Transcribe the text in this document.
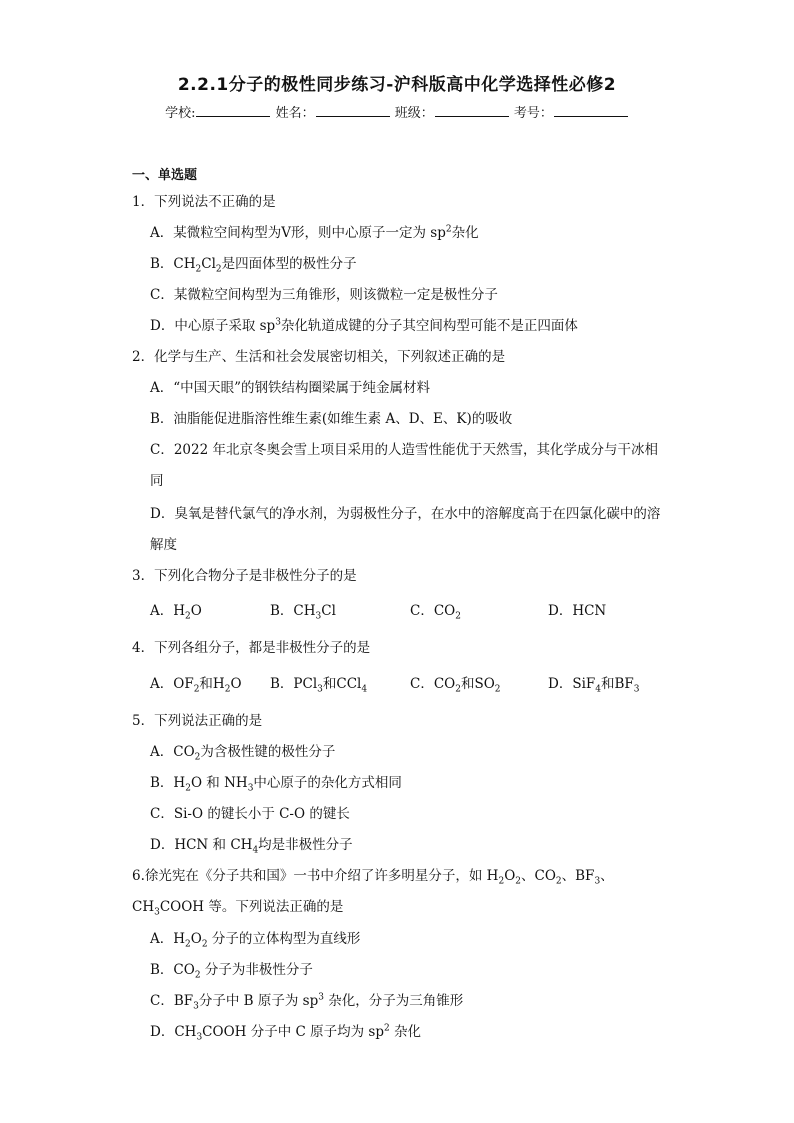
2.2.1分子的极性同步练习-沪科版高中化学选择性必修2
学校:	姓名：	班级：	考号：
一、单选题
1．下列说法不正确的是
A．某微粒空间构型为V形，则中心原子一定为 $sp^2$杂化
B．$CH_2Cl_2$是四面体型的极性分子
C．某微粒空间构型为三角锥形，则该微粒一定是极性分子
D．中心原子采取 $sp^3$杂化轨道成键的分子其空间构型可能不是正四面体
2．化学与生产、生活和社会发展密切相关，下列叙述正确的是
A．“中国天眼”的钢铁结构圈梁属于纯金属材料
B．油脂能促进脂溶性维生素(如维生素 A、D、E、K)的吸收
C．2022 年北京冬奥会雪上项目采用的人造雪性能优于天然雪，其化学成分与干冰相同
D．臭氧是替代氯气的净水剂，为弱极性分子，在水中的溶解度高于在四氯化碳中的溶解度
3．下列化合物分子是非极性分子的是
A．$H_2O$	B．$CH_3Cl$	C．$CO_2$	D．HCN
4．下列各组分子，都是非极性分子的是
A．$OF_2$和$H_2O$ B．PCl$_3$和CCl$_4$	C．$CO_2$和$SO_2$	D．SiF$_4$和$BF_3$
5．下列说法正确的是
A．$CO_2$为含极性键的极性分子
B．$H_2O$ 和 $NH_3$中心原子的杂化方式相同
C．Si-O 的键长小于 C-O 的键长
D．HCN 和 $CH_4$均是非极性分子
6.徐光宪在《分子共和国》一书中介绍了许多明星分子，如 $H_2O_2$、$CO_2$、$BF_3$、$CH_3COOH$ 等。下列说法正确的是
A．$H_2O_2$ 分子的立体构型为直线形
B．$CO_2$ 分子为非极性分子
C．$BF_3$分子中 B 原子为 $sp^3$ 杂化，分子为三角锥形
D．$CH_3COOH$ 分子中 C 原子均为 $sp^2$ 杂化
